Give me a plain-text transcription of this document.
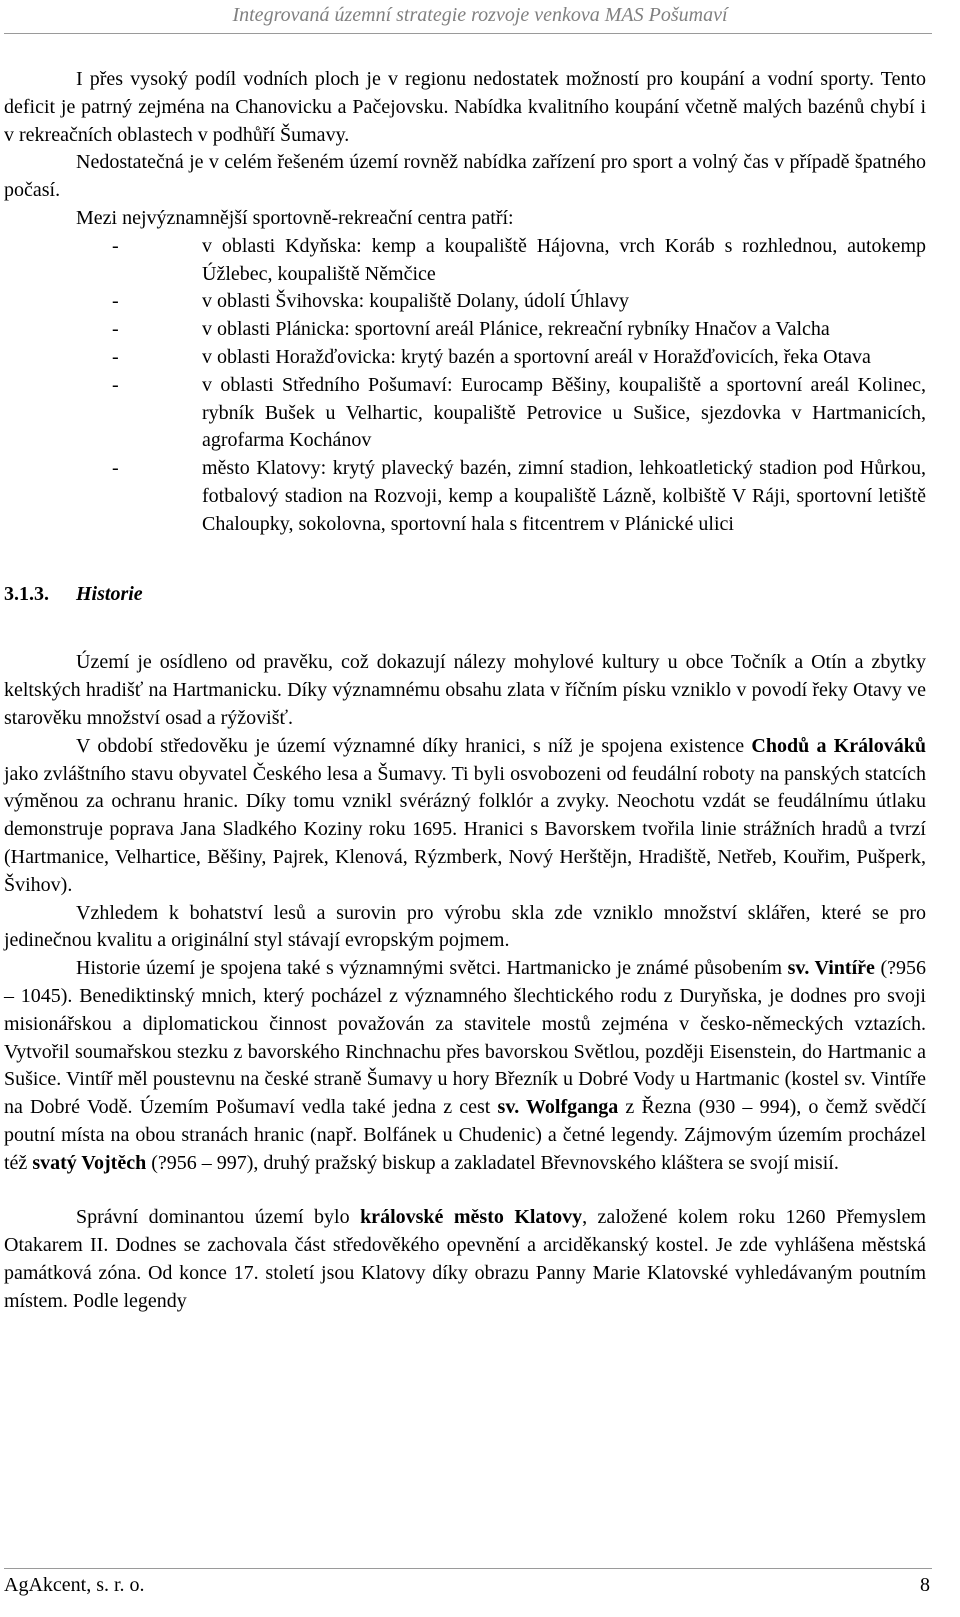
Integrovaná územní strategie rozvoje venkova MAS Pošumaví

I přes vysoký podíl vodních ploch je v regionu nedostatek možností pro koupání a vodní sporty. Tento deficit je patrný zejména na Chanovicku a Pačejovsku. Nabídka kvalitního koupání včetně malých bazénů chybí i v rekreačních oblastech v podhůří Šumavy.

Nedostatečná je v celém řešeném území rovněž nabídka zařízení pro sport a volný čas v případě špatného počasí.

Mezi nejvýznamnější sportovně-rekreační centra patří:

-	v oblasti Kdyňska: kemp a koupaliště Hájovna, vrch Koráb s rozhlednou, autokemp Úžlebec, koupaliště Němčice
-	v oblasti Švihovska: koupaliště Dolany, údolí Úhlavy
-	v oblasti Plánicka: sportovní areál Plánice, rekreační rybníky Hnačov a Valcha
-	v oblasti Horažďovicka: krytý bazén a sportovní areál v Horažďovicích, řeka Otava
-	v oblasti Středního Pošumaví: Eurocamp Běšiny, koupaliště a sportovní areál Kolinec, rybník Bušek u Velhartic, koupaliště Petrovice u Sušice, sjezdovka v Hartmanicích, agrofarma Kochánov
-	město Klatovy: krytý plavecký bazén, zimní stadion, lehkoatletický stadion pod Hůrkou, fotbalový stadion na Rozvoji, kemp a koupaliště Lázně, kolbiště V Ráji, sportovní letiště Chaloupky, sokolovna, sportovní hala s fitcentrem v Plánické ulici
3.1.3. Historie

Území je osídleno od pravěku, což dokazují nálezy mohylové kultury u obce Točník a Otín a zbytky keltských hradišť na Hartmanicku. Díky významnému obsahu zlata v říčním písku vzniklo v povodí řeky Otavy ve starověku množství osad a rýžovišť.

V období středověku je území významné díky hranici, s níž je spojena existence Chodů a Králováků jako zvláštního stavu obyvatel Českého lesa a Šumavy. Ti byli osvobozeni od feudální roboty na panských statcích výměnou za ochranu hranic. Díky tomu vznikl svérázný folklór a zvyky. Neochotu vzdát se feudálnímu útlaku demonstruje poprava Jana Sladkého Koziny roku 1695. Hranici s Bavorskem tvořila linie strážních hradů a tvrzí (Hartmanice, Velhartice, Běšiny, Pajrek, Klenová, Rýzmberk, Nový Herštějn, Hradiště, Netřeb, Kouřim, Pušperk, Švihov).

Vzhledem k bohatství lesů a surovin pro výrobu skla zde vzniklo množství sklářen, které se pro jedinečnou kvalitu a originální styl stávají evropským pojmem.

Historie území je spojena také s významnými světci. Hartmanicko je známé působením sv. Vintíře (?956 – 1045). Benediktinský mnich, který pocházel z významného šlechtického rodu z Duryňska, je dodnes pro svoji misionářskou a diplomatickou činnost považován za stavitele mostů zejména v česko-německých vztazích. Vytvořil soumařskou stezku z bavorského Rinchnachu přes bavorskou Světlou, později Eisenstein, do Hartmanic a Sušice. Vintíř měl poustevnu na české straně Šumavy u hory Březník u Dobré Vody u Hartmanic (kostel sv. Vintíře na Dobré Vodě. Územím Pošumaví vedla také jedna z cest sv. Wolfganga z Řezna (930 – 994), o čemž svědčí poutní místa na obou stranách hranic (např. Bolfánek u Chudenic) a četné legendy. Zájmovým územím procházel též svatý Vojtěch (?956 – 997), druhý pražský biskup a zakladatel Břevnovského kláštera se svojí misií.

Správní dominantou území bylo královské město Klatovy, založené kolem roku 1260 Přemyslem Otakarem II. Dodnes se zachovala část středověkého opevnění a arciděkanský kostel. Je zde vyhlášena městská památková zóna. Od konce 17. století jsou Klatovy díky obrazu Panny Marie Klatovské vyhledávaným poutním místem. Podle legendy

AgAkcent, s. r. o.	8
